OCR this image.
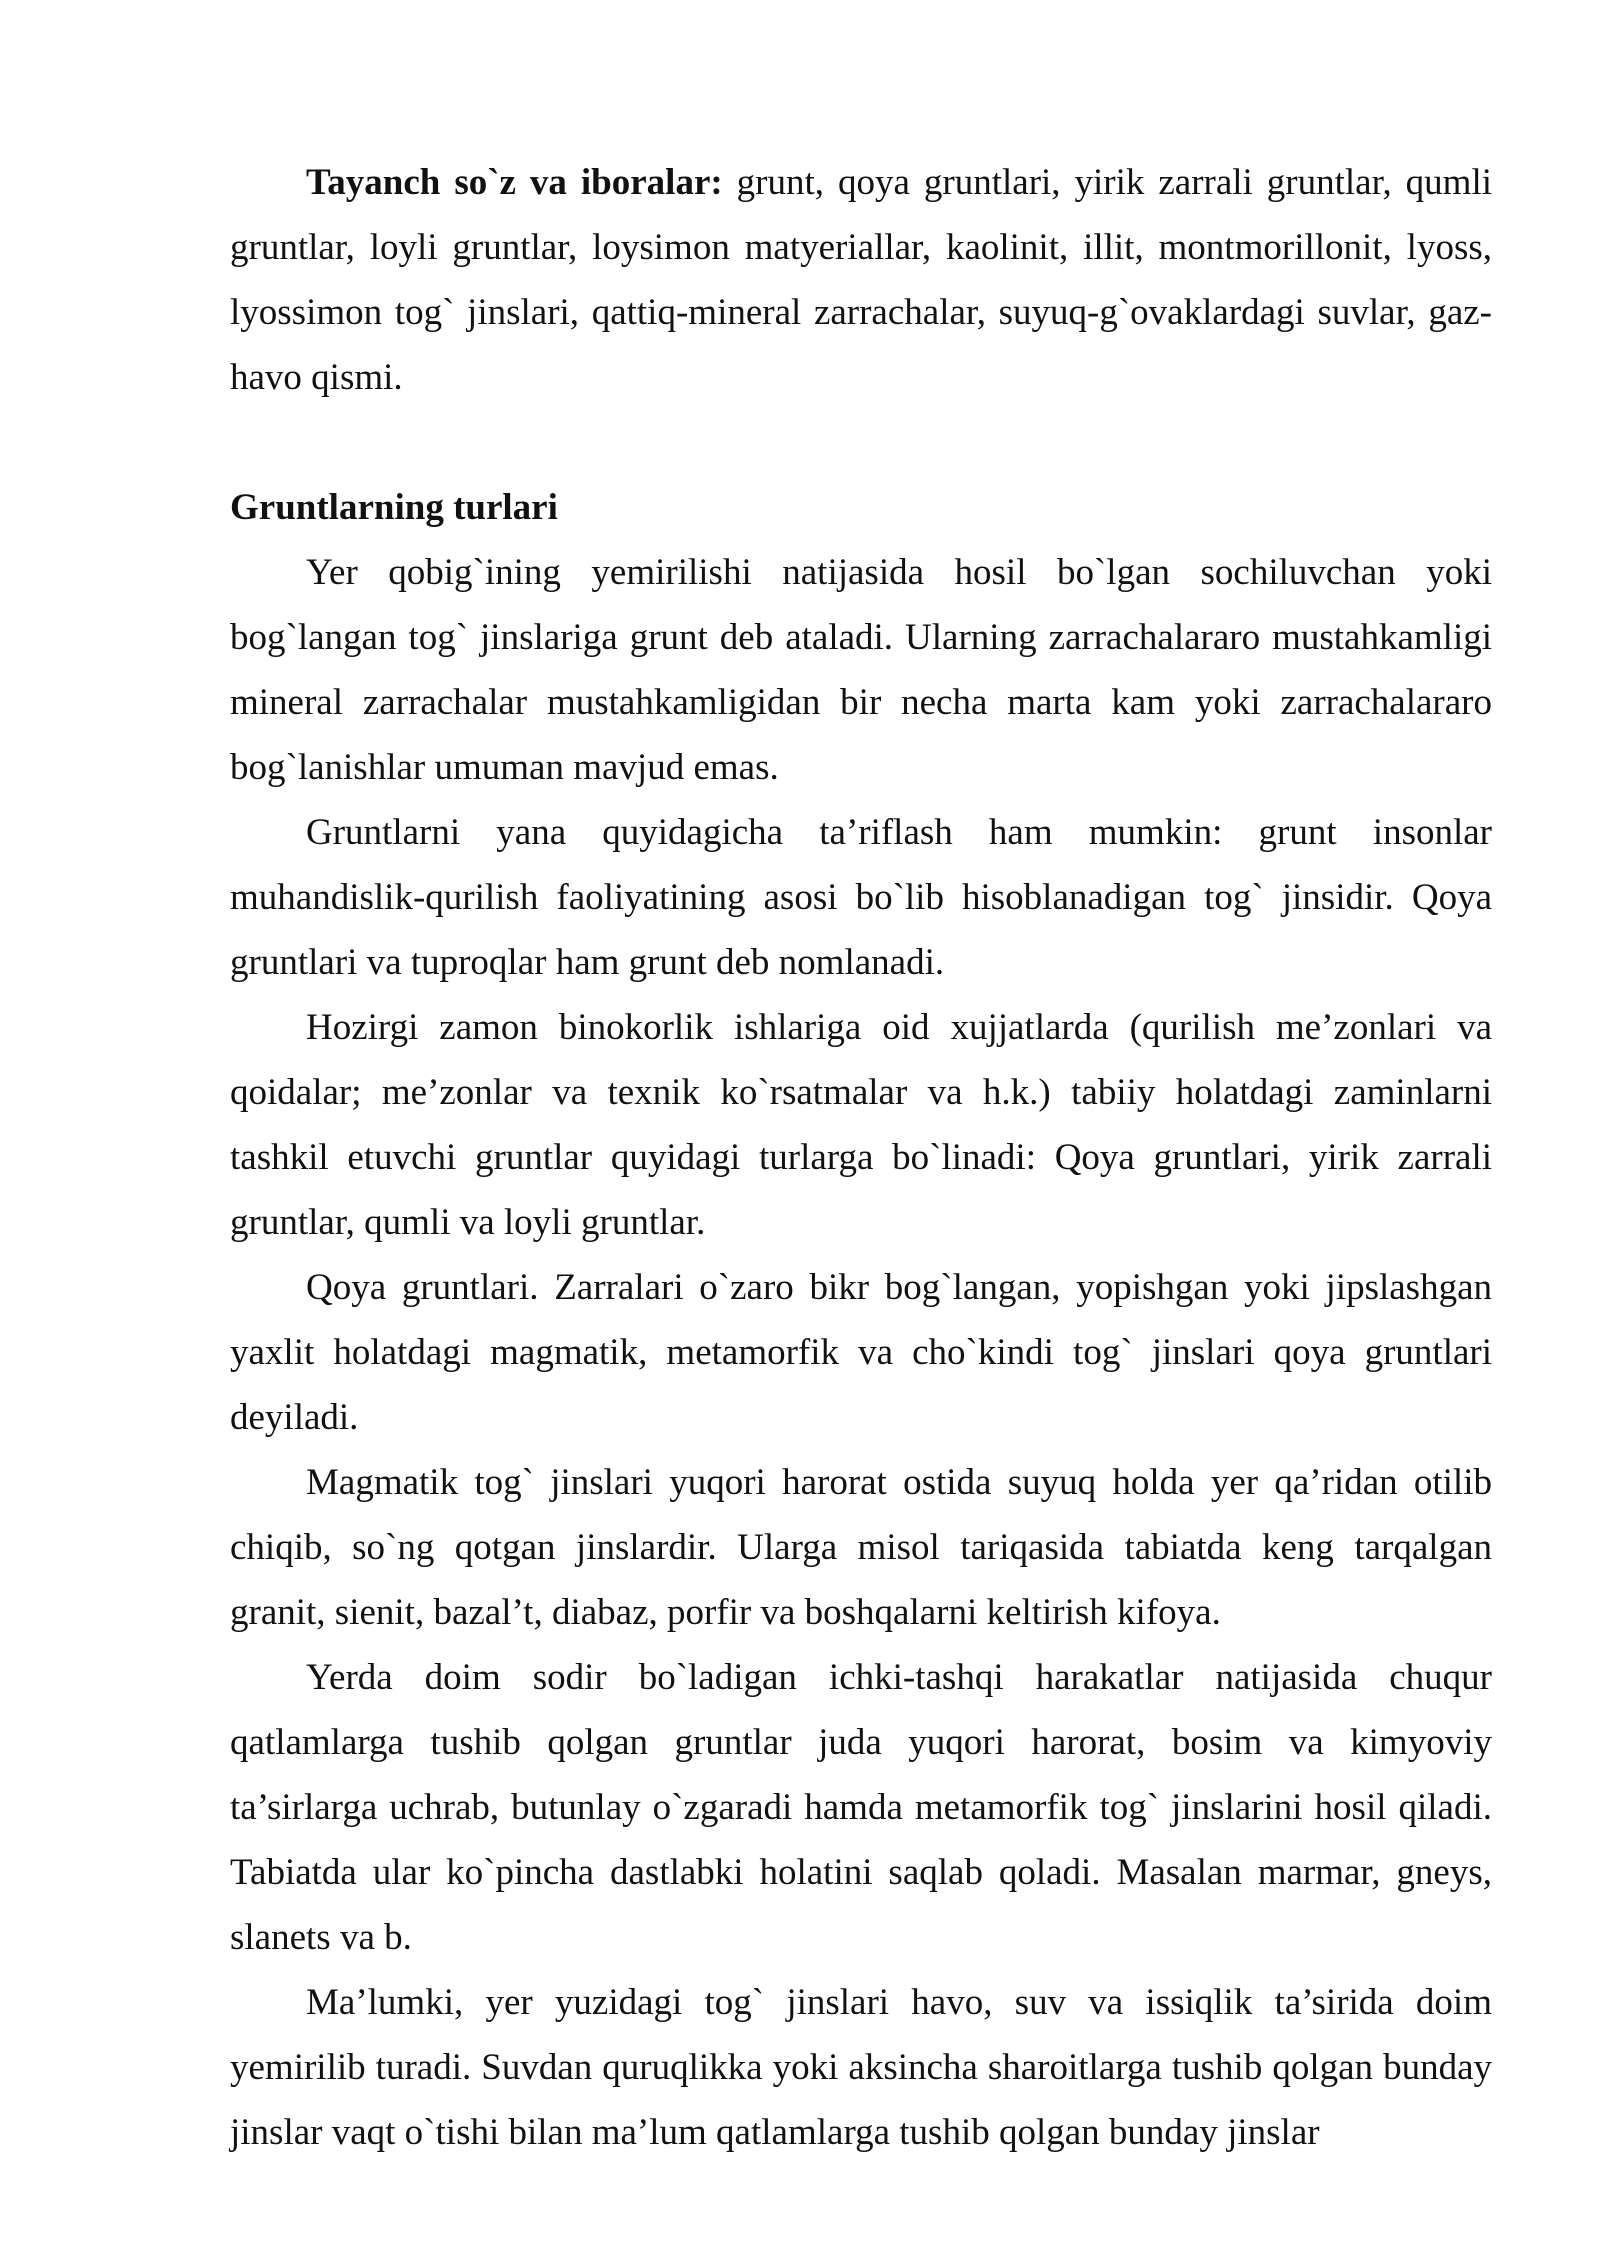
Tayanch so`z va iboralar: grunt, qoya gruntlari, yirik zarrali gruntlar, qumli gruntlar, loyli gruntlar, loysimon matyeriallar, kaolinit, illit, montmorillonit, lyoss, lyossimon tog` jinslari, qattiq-mineral zarrachalar, suyuq-g`ovaklardagi suvlar, gaz-havo qismi.

Gruntlarning turlari

Yer qobig`ining yemirilishi natijasida hosil bo`lgan sochiluvchan yoki bog`langan tog` jinslariga grunt deb ataladi. Ularning zarrachalararo mustahkamligi mineral zarrachalar mustahkamligidan bir necha marta kam yoki zarrachalararo bog`lanishlar umuman mavjud emas.

Gruntlarni yana quyidagicha ta’riflash ham mumkin: grunt insonlar muhandislik-qurilish faoliyatining asosi bo`lib hisoblanadigan tog` jinsidir. Qoya gruntlari va tuproqlar ham grunt deb nomlanadi.

Hozirgi zamon binokorlik ishlariga oid xujjatlarda (qurilish me’zonlari va qoidalar; me’zonlar va texnik ko`rsatmalar va h.k.) tabiiy holatdagi zaminlarni tashkil etuvchi gruntlar quyidagi turlarga bo`linadi: Qoya gruntlari, yirik zarrali gruntlar, qumli va loyli gruntlar.

Qoya gruntlari. Zarralari o`zaro bikr bog`langan, yopishgan yoki jipslashgan yaxlit holatdagi magmatik, metamorfik va cho`kindi tog` jinslari qoya gruntlari deyiladi.

Magmatik tog` jinslari yuqori harorat ostida suyuq holda yer qa’ridan otilib chiqib, so`ng qotgan jinslardir. Ularga misol tariqasida tabiatda keng tarqalgan granit, sienit, bazal’t, diabaz, porfir va boshqalarni keltirish kifoya.

Yerda doim sodir bo`ladigan ichki-tashqi harakatlar natijasida chuqur qatlamlarga tushib qolgan gruntlar juda yuqori harorat, bosim va kimyoviy ta’sirlarga uchrab, butunlay o`zgaradi hamda metamorfik tog` jinslarini hosil qiladi. Tabiatda ular ko`pincha dastlabki holatini saqlab qoladi. Masalan marmar, gneys, slanets va b.

Ma’lumki, yer yuzidagi tog` jinslari havo, suv va issiqlik ta’sirida doim yemirilib turadi. Suvdan quruqlikka yoki aksincha sharoitlarga tushib qolgan bunday jinslar vaqt o`tishi bilan ma’lum qatlamlarga tushib qolgan bunday jinslar
